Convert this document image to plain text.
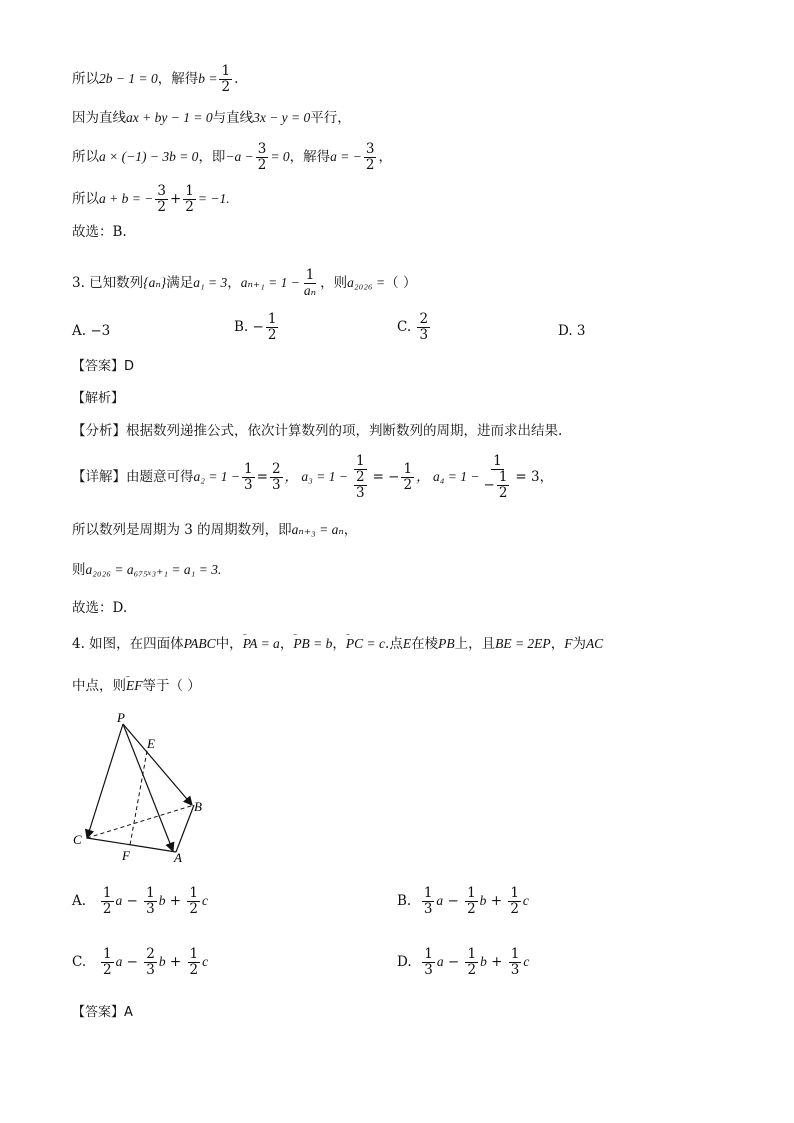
所以2b − 1 = 0，解得$b = \frac{1}{2}$ .
因为直线ax + by − 1 = 0与直线3x − y = 0平行，
所以a × (−1) − 3b = 0，即$-a - \frac{3}{2} = 0$，解得a = − $\frac{3}{2}$ ，
所以a + b = − $\frac{3}{2} + \frac{1}{2} = -1$.
故选：B.
3. 已知数列{aₙ}满足a₁ = 3，$a_{n+1} = 1 - \frac{1}{\text{aₙ}}$ ，则a₂₀₂₆ =（ ）
A. −3	B. − $\frac{1}{2}$	C. $\frac{2}{3}$	D. 3
【答案】D
【解析】
【分析】根据数列递推公式，依次计算数列的项，判断数列的周期，进而求出结果.
【详解】由题意可得$a_2 = 1 - \frac{1}{3} = \frac{2}{3}$ ， $a_3 = 1 - \frac{1}{\frac{2}{3}}$ = − $\frac{1}{2}$ ， $a_4 = 1 - \frac{1}{- \frac{1}{2}} = 3$，
所以数列是周期为 3 的周期数列，即aₙ₊₃ = aₙ，
则a₂₀₂₆ = a₆₇₅ₓ₃₊₁ = a₁ = 3.
故选：D.
4. 如图，在四面体PABC中，ᵕᵕᵕ PA = a，ᵕᵕᵕ PB = b，ᵕᵕᵕ PC = c.点E在棱PB上，且BE = 2EP，F为AC
中点，则ᵕᵕᵕ EF等于（ ）
P
E
B
C
F	A
A. $\frac{1}{2}$ $a - \frac{1}{3}$ $b + \frac{1}{2}$ c	B. $\frac{1}{3}$ $a - \frac{1}{2}$ $b + \frac{1}{2}$ c
C. $\frac{1}{2}$ $a - \frac{2}{3}$ $b + \frac{1}{2}$ c	D. $\frac{1}{3}$ $a - \frac{1}{2}$ $b + \frac{1}{3}$ c
【答案】A
